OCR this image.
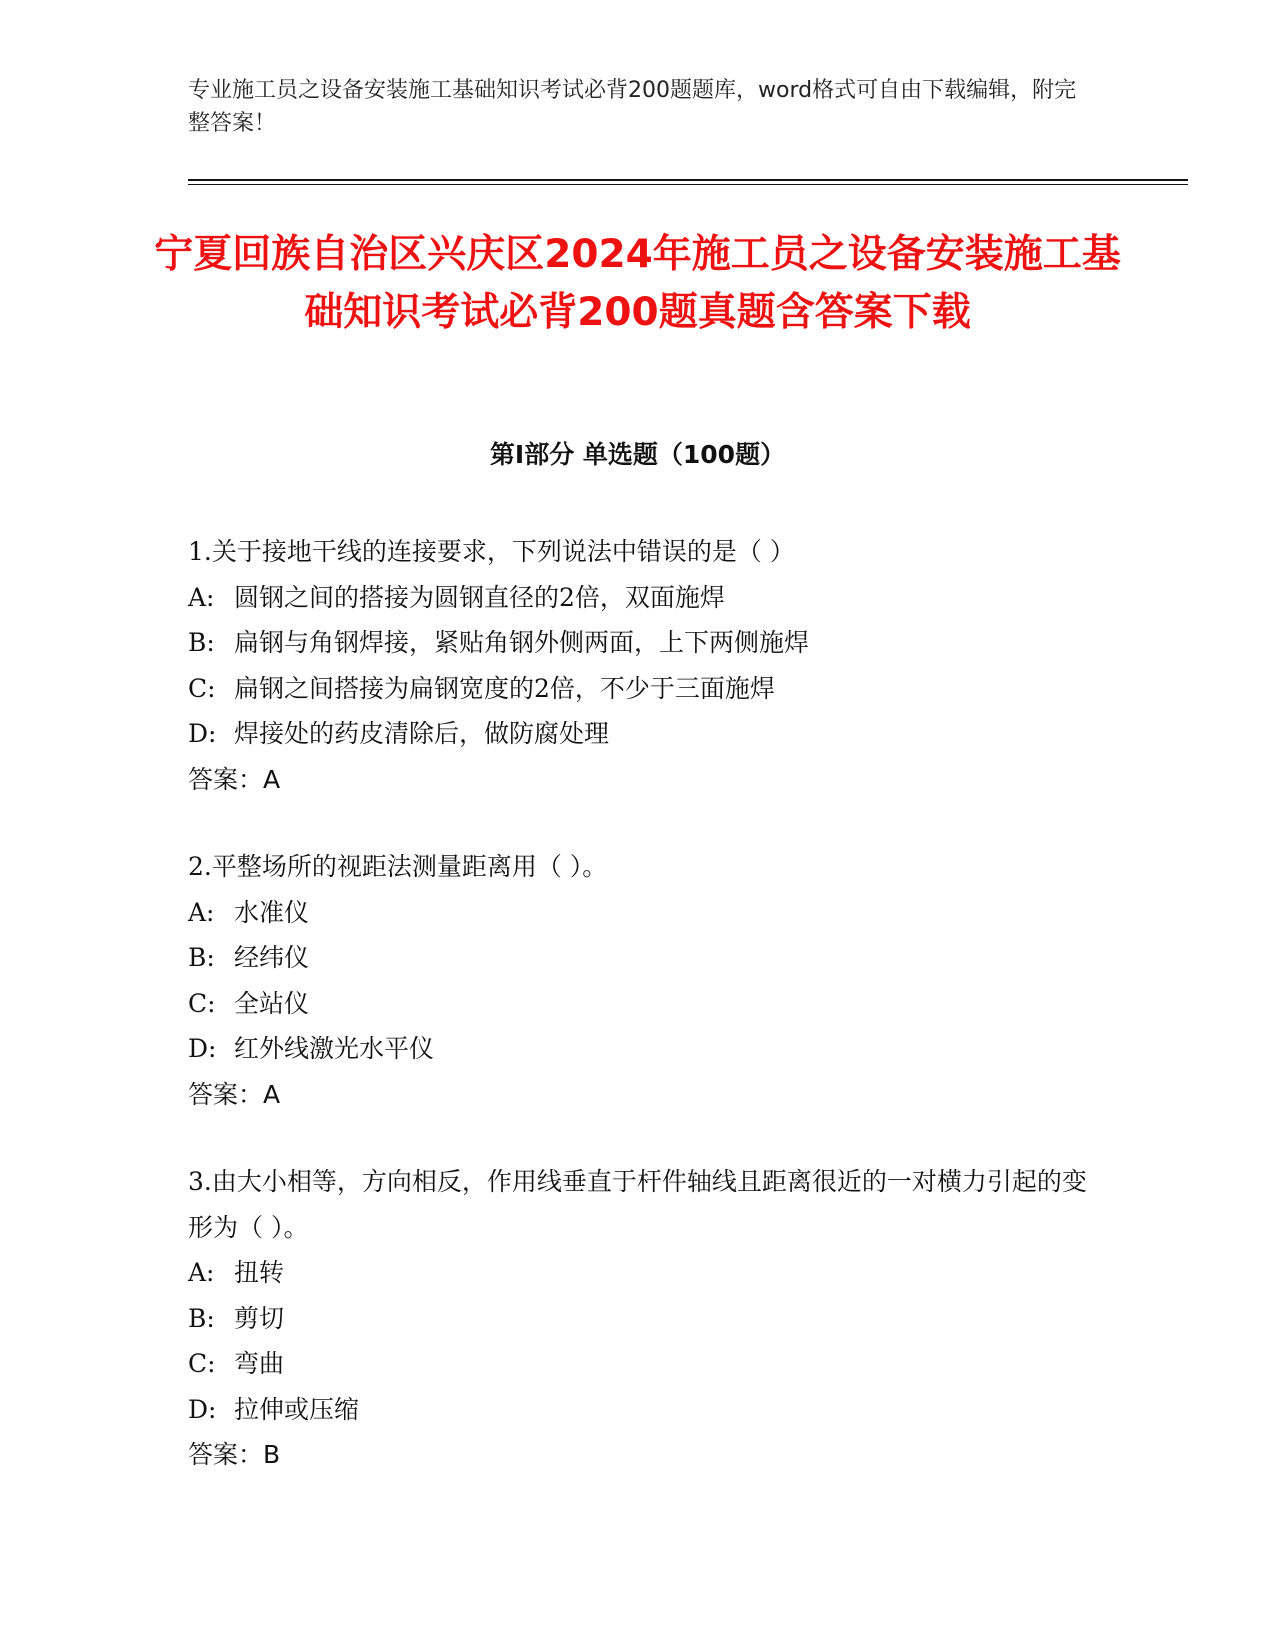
专业施工员之设备安装施工基础知识考试必背200题题库，word格式可自由下载编辑，附完整答案！
宁夏回族自治区兴庆区2024年施工员之设备安装施工基础知识考试必背200题真题含答案下载
第Ⅰ部分 单选题（100题）
1.关于接地干线的连接要求，下列说法中错误的是（ ）
A: 圆钢之间的搭接为圆钢直径的2倍，双面施焊
B: 扁钢与角钢焊接，紧贴角钢外侧两面，上下两侧施焊
C: 扁钢之间搭接为扁钢宽度的2倍，不少于三面施焊
D: 焊接处的药皮清除后，做防腐处理
答案：A
2.平整场所的视距法测量距离用（ ）。
A: 水准仪
B: 经纬仪
C: 全站仪
D: 红外线激光水平仪
答案：A
3.由大小相等，方向相反，作用线垂直于杆件轴线且距离很近的一对横力引起的变形为（ ）。
A: 扭转
B: 剪切
C: 弯曲
D: 拉伸或压缩
答案：B
